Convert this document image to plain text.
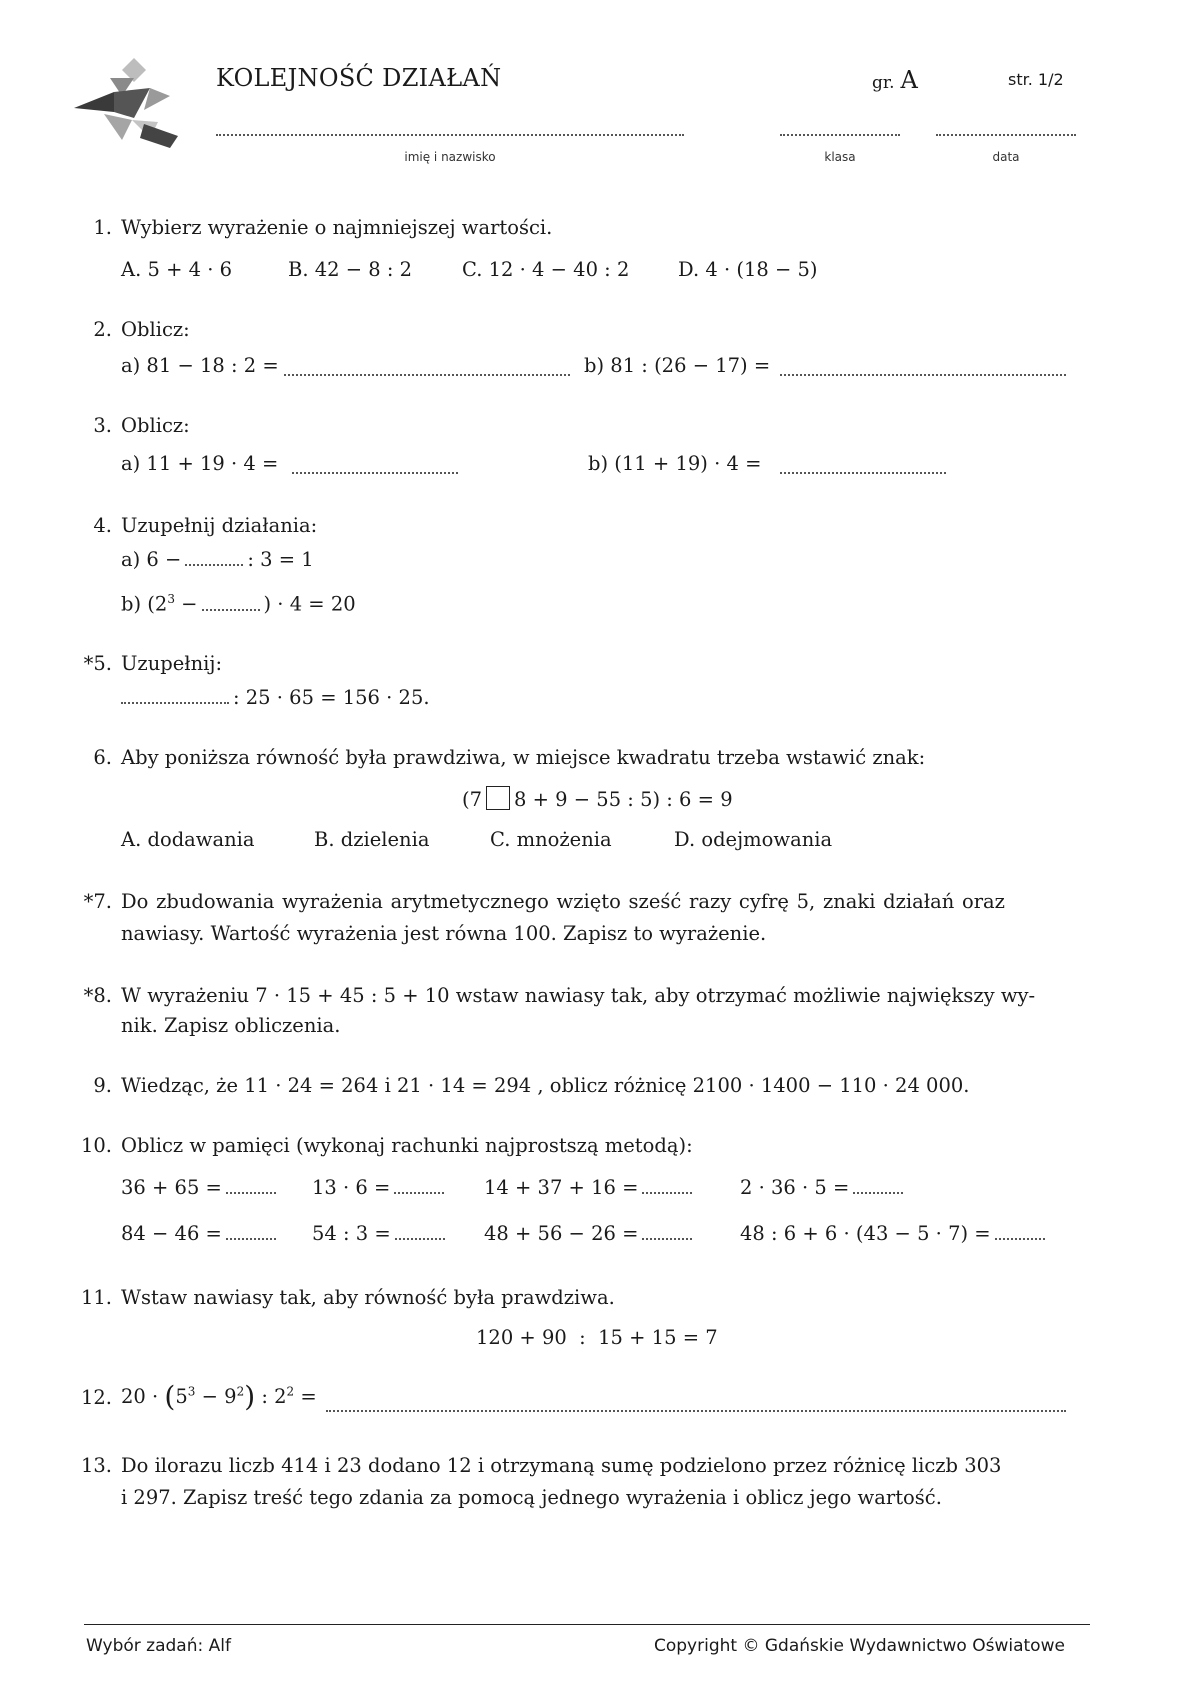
KOLEJNOŚĆ DZIAŁAŃ	gr. A	str. 1/2
imię i nazwisko	klasa	data
1. Wybierz wyrażenie o najmniejszej wartości.
A. 5 + 4 · 6	B. 42 − 8 : 2	C. 12 · 4 − 40 : 2 D. 4 · (18 − 5)
2. Oblicz:
a) 81 − 18 : 2 =	b) 81 : (26 − 17) =
3. Oblicz:
a) 11 + 19 · 4 =	b) (11 + 19) · 4 =
4. Uzupełnij działania:
a) 6 −	: 3 = 1
b) ($2^3$ −	) · 4 = 20
*5. Uzupełnij:
: 25 · 65 = 156 · 25.
6. Aby poniższa równość była prawdziwa, w miejsce kwadratu trzeba wstawić znak:
(7 8 + 9 − 55 : 5) : 6 = 9
A. dodawania	B. dzielenia	C. mnożenia	D. odejmowania
*7. Do zbudowania wyrażenia arytmetycznego wzięto sześć razy cyfrę 5, znaki działań oraz
nawiasy. Wartość wyrażenia jest równa 100. Zapisz to wyrażenie.
*8. W wyrażeniu 7 · 15 + 45 : 5 + 10 wstaw nawiasy tak, aby otrzymać możliwie największy wy-
nik. Zapisz obliczenia.
9. Wiedząc, że 11 · 24 = 264 i 21 · 14 = 294 , oblicz różnicę 2100 · 1400 − 110 · 24 000.
10. Oblicz w pamięci (wykonaj rachunki najprostszą metodą):
36 + 65 =	13 · 6 =	14 + 37 + 16 =	2 · 36 · 5 =
84 − 46 =	54 : 3 =	48 + 56 − 26 =	48 : 6 + 6 · (43 − 5 · 7) =
11. Wstaw nawiasy tak, aby równość była prawdziwa.
120 + 90  :  15 + 15 = 7
12. $20 \cdot (5^3 - 9^2)$ : $2^2$ =
13. Do ilorazu liczb 414 i 23 dodano 12 i otrzymaną sumę podzielono przez różnicę liczb 303
i 297. Zapisz treść tego zdania za pomocą jednego wyrażenia i oblicz jego wartość.
Wybór zadań: Alf	Copyright © Gdańskie Wydawnictwo Oświatowe
